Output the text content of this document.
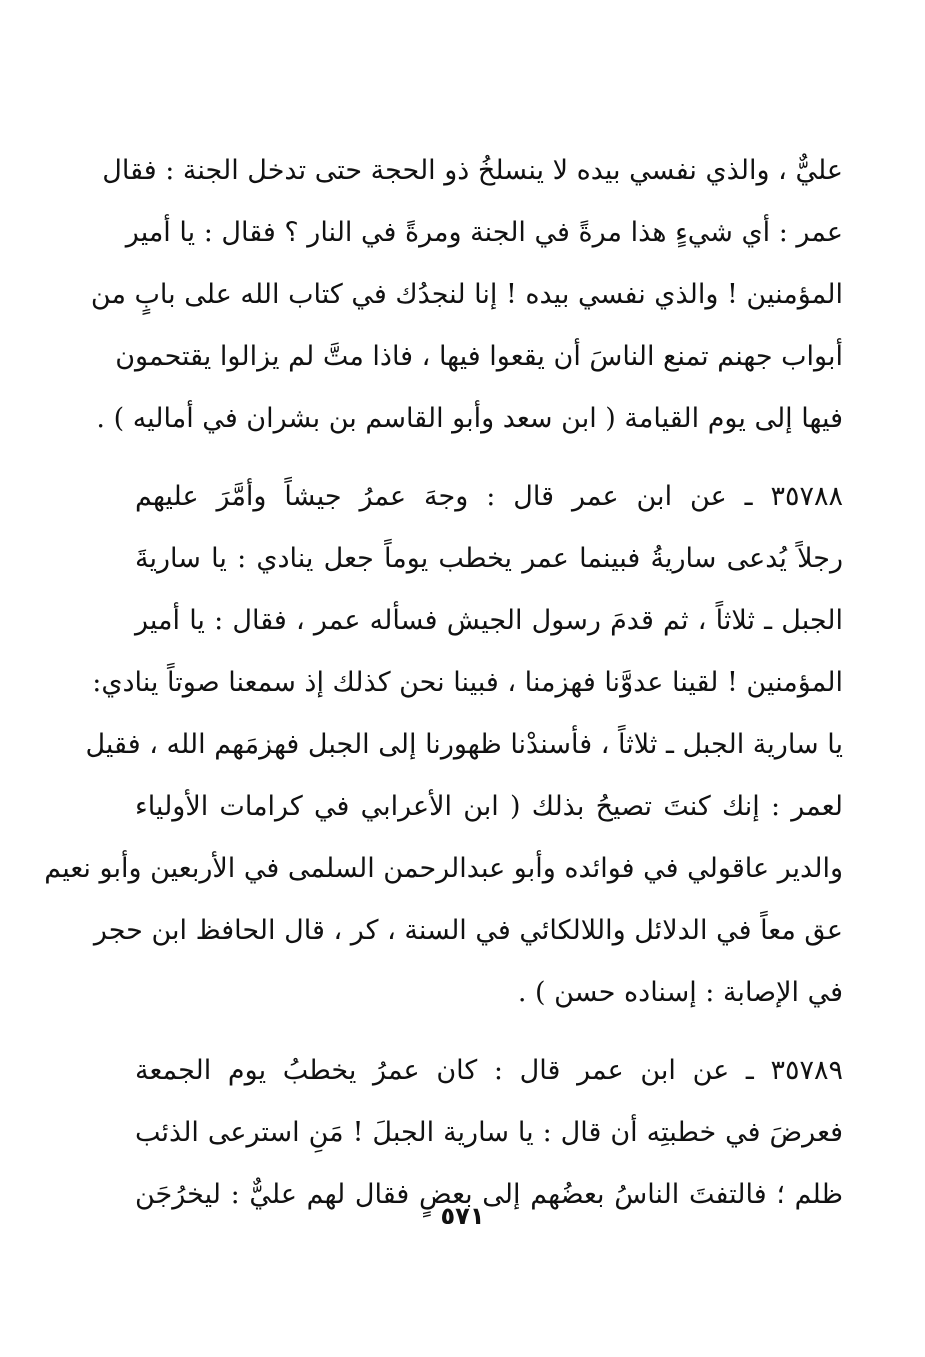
عليٌّ ، والذي نفسي بيده لا ينسلخُ ذو الحجة حتى تدخل الجنة : فقال
عمر : أي شيءٍ هذا مرةً في الجنة ومرةً في النار ؟ فقال : يا أمير
المؤمنين ! والذي نفسي بيده ! إنا لنجدُك في كتاب الله على بابٍ من
أبواب جهنم تمنع الناسَ أن يقعوا فيها ، فاذا متَّ لم يزالوا يقتحمون
فيها إلى يوم القيامة ( ابن سعد وأبو القاسم بن بشران في أماليه ) .
٣٥٧٨٨ ـ عن ابن عمر قال : وجهَ عمرُ جيشاً وأمَّرَ عليهم
رجلاً يُدعى ساريةُ فبينما عمر يخطب يوماً جعل ينادي : يا ساريةَ
الجبل ـ ثلاثاً ، ثم قدمَ رسول الجيش فسأله عمر ، فقال : يا أمير
المؤمنين ! لقينا عدوَّنا فهزمنا ، فبينا نحن كذلك إذ سمعنا صوتاً ينادي:
يا سارية الجبل ـ ثلاثاً ، فأسندْنا ظهورنا إلى الجبل فهزمَهم الله ، فقيل
لعمر : إنك كنتَ تصيحُ بذلك ( ابن الأعرابي في كرامات الأولياء
والدير عاقولي في فوائده وأبو عبدالرحمن السلمى في الأربعين وأبو نعيم
عق معاً في الدلائل واللالكائي في السنة ، كر ، قال الحافظ ابن حجر
في الإصابة : إسناده حسن ) .
٣٥٧٨٩ ـ عن ابن عمر قال : كان عمرُ يخطبُ يوم الجمعة
فعرضَ في خطبتِه أن قال : يا سارية الجبلَ ! مَنِ استرعى الذئب
ظلم ؛ فالتفتَ الناسُ بعضُهم إلى بعضٍ فقال لهم عليٌّ : ليخرُجَن
٥٧١
